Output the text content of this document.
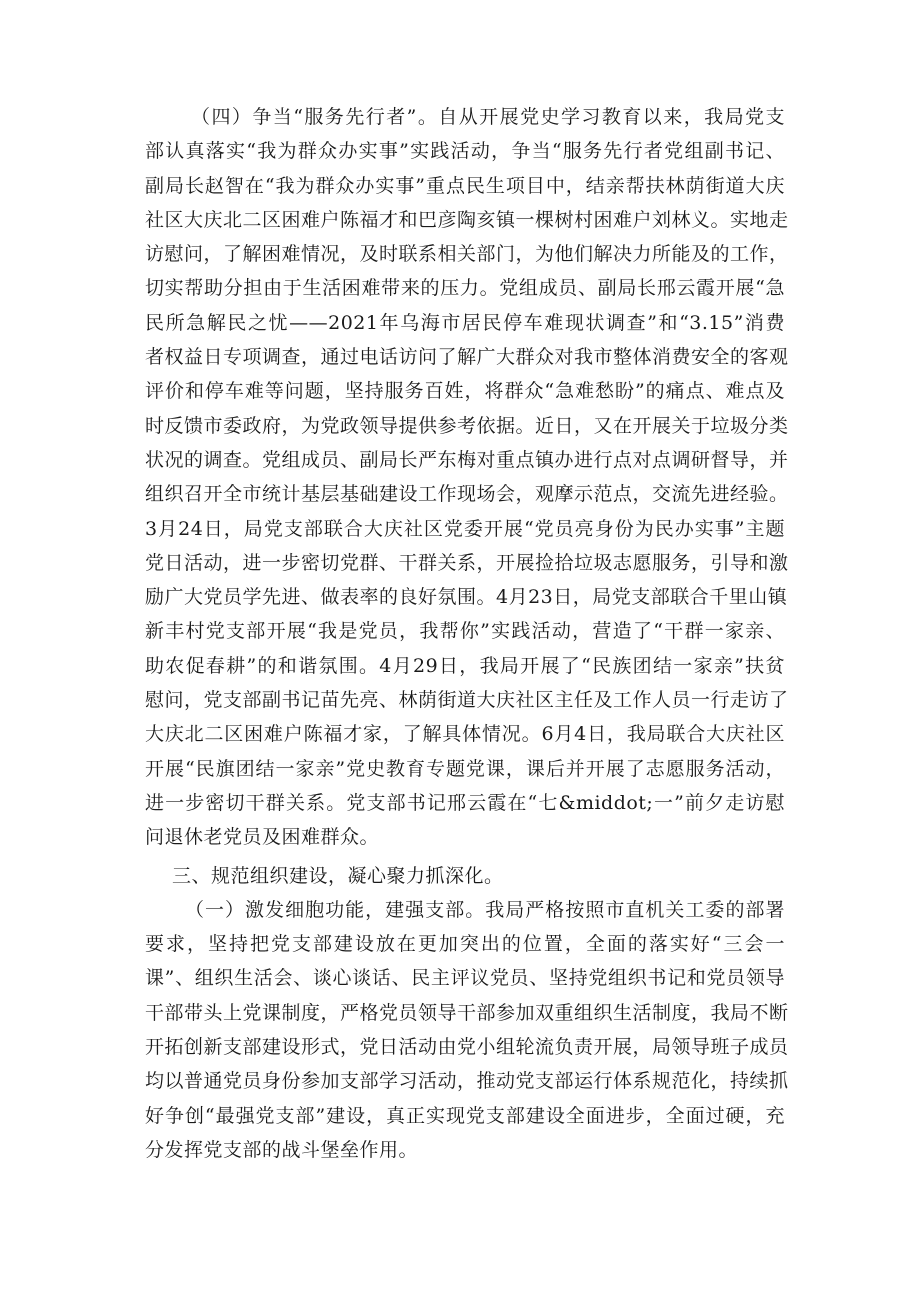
（四）争当“服务先行者”。自从开展党史学习教育以来，我局党支
部认真落实“我为群众办实事”实践活动，争当“服务先行者党组副书记、
副局长赵智在“我为群众办实事”重点民生项目中，结亲帮扶林荫街道大庆
社区大庆北二区困难户陈福才和巴彦陶亥镇一棵树村困难户刘林义。实地走
访慰问，了解困难情况，及时联系相关部门，为他们解决力所能及的工作，
切实帮助分担由于生活困难带来的压力。党组成员、副局长邢云霞开展“急
民所急解民之忧——2021年乌海市居民停车难现状调查”和“3.15”消费
者权益日专项调查，通过电话访问了解广大群众对我市整体消费安全的客观
评价和停车难等问题，坚持服务百姓，将群众“急难愁盼”的痛点、难点及
时反馈市委政府，为党政领导提供参考依据。近日，又在开展关于垃圾分类
状况的调查。党组成员、副局长严东梅对重点镇办进行点对点调研督导，并
组织召开全市统计基层基础建设工作现场会，观摩示范点，交流先进经验。
3月24日，局党支部联合大庆社区党委开展“党员亮身份为民办实事”主题
党日活动，进一步密切党群、干群关系，开展捡拾垃圾志愿服务，引导和激
励广大党员学先进、做表率的良好氛围。4月23日，局党支部联合千里山镇
新丰村党支部开展“我是党员，我帮你”实践活动，营造了“干群一家亲、
助农促春耕”的和谐氛围。4月29日，我局开展了“民族团结一家亲”扶贫
慰问，党支部副书记苗先亮、林荫街道大庆社区主任及工作人员一行走访了
大庆北二区困难户陈福才家，了解具体情况。6月4日，我局联合大庆社区
开展“民旗团结一家亲”党史教育专题党课，课后并开展了志愿服务活动，
进一步密切干群关系。党支部书记邢云霞在“七&middot;一”前夕走访慰
问退休老党员及困难群众。
三、规范组织建设，凝心聚力抓深化。
（一）激发细胞功能，建强支部。我局严格按照市直机关工委的部署
要求，坚持把党支部建设放在更加突出的位置，全面的落实好“三会一
课”、组织生活会、谈心谈话、民主评议党员、坚持党组织书记和党员领导
干部带头上党课制度，严格党员领导干部参加双重组织生活制度，我局不断
开拓创新支部建设形式，党日活动由党小组轮流负责开展，局领导班子成员
均以普通党员身份参加支部学习活动，推动党支部运行体系规范化，持续抓
好争创“最强党支部”建设，真正实现党支部建设全面进步，全面过硬，充
分发挥党支部的战斗堡垒作用。
